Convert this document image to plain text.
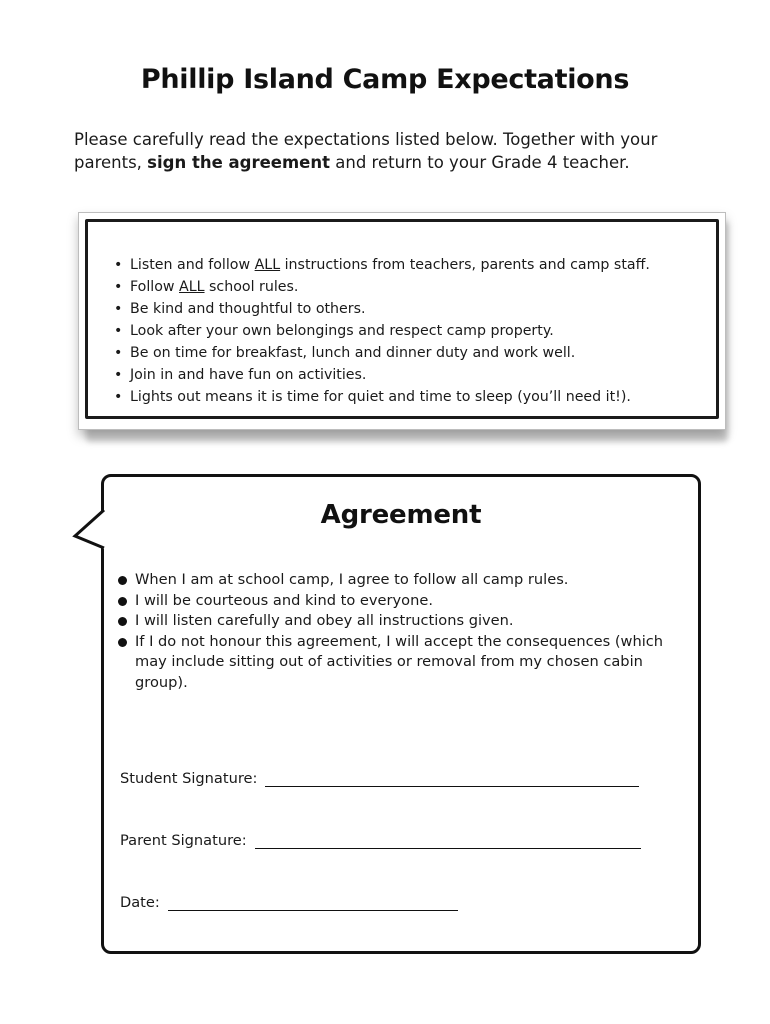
Phillip Island Camp Expectations
Please carefully read the expectations listed below. Together with your parents, sign the agreement and return to your Grade 4 teacher.
• Listen and follow ALL instructions from teachers, parents and camp staff.
• Follow ALL school rules.
• Be kind and thoughtful to others.
• Look after your own belongings and respect camp property.
• Be on time for breakfast, lunch and dinner duty and work well.
• Join in and have fun on activities.
• Lights out means it is time for quiet and time to sleep (you’ll need it!).
Agreement
When I am at school camp, I agree to follow all camp rules.
I will be courteous and kind to everyone.
I will listen carefully and obey all instructions given.
If I do not honour this agreement, I will accept the consequences (which may include sitting out of activities or removal from my chosen cabin group).
Student Signature:
Parent Signature:
Date:
